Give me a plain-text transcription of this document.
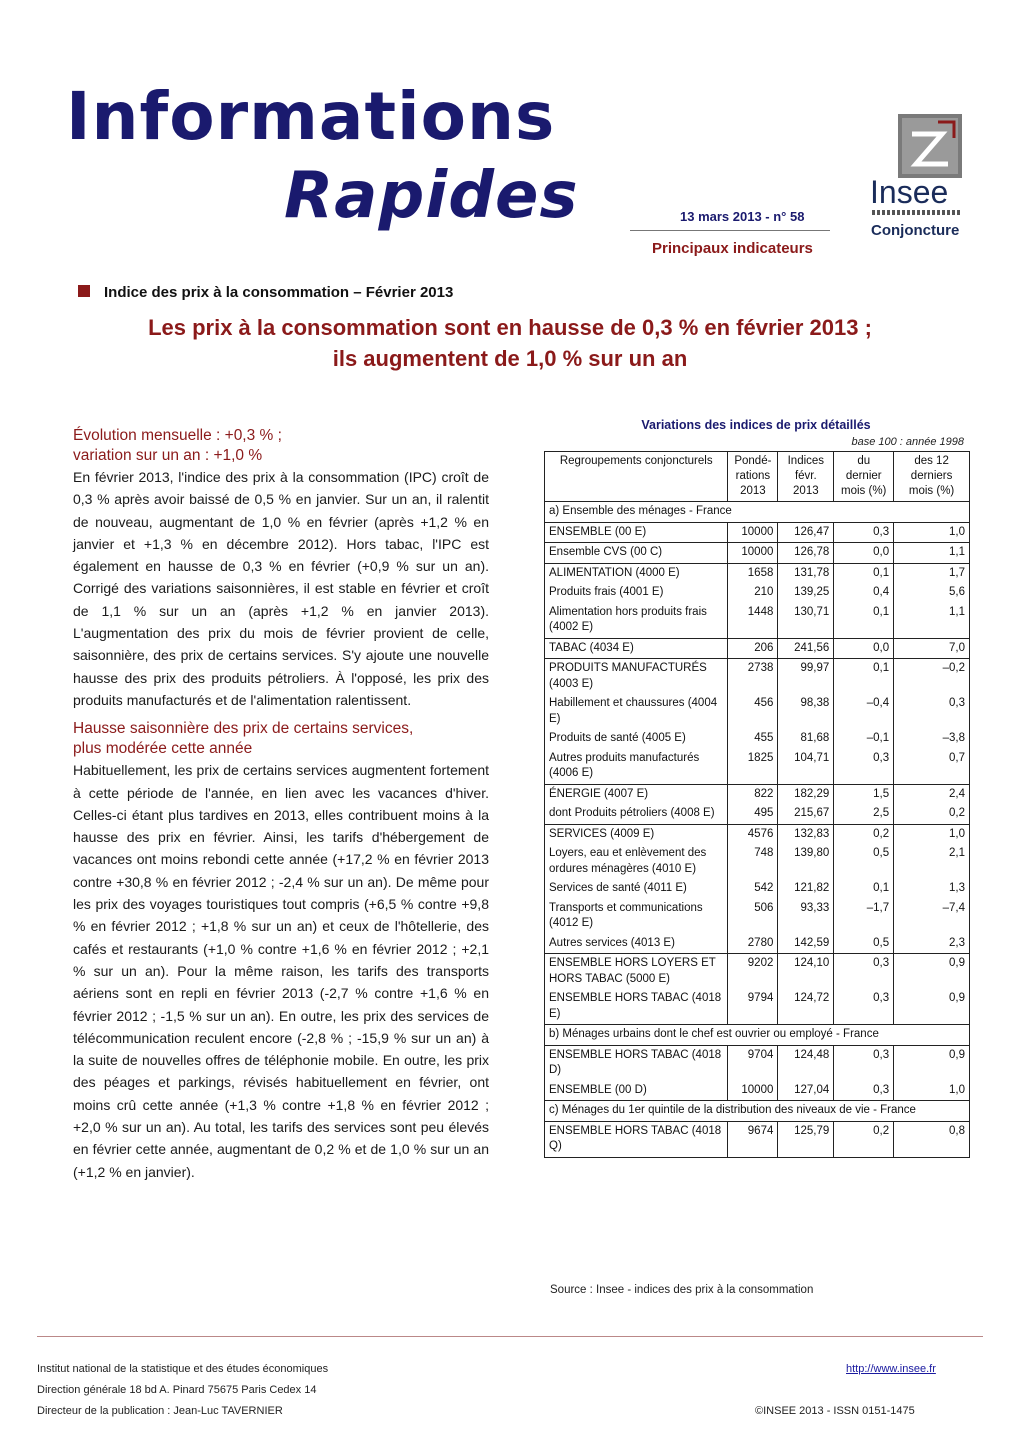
Informations
Rapides	13 mars 2013 - n° 58
Principaux indicateurs
Insee
Conjoncture
Indice des prix à la consommation – Février 2013
Les prix à la consommation sont en hausse de 0,3 % en février 2013 ;
ils augmentent de 1,0 % sur un an
Évolution mensuelle : +0,3 % ;
variation sur un an : +1,0 %

En février 2013, l'indice des prix à la consommation (IPC) croît de 0,3 % après avoir baissé de 0,5 % en janvier. Sur un an, il ralentit de nouveau, augmentant de 1,0 % en février (après +1,2 % en janvier et +1,3 % en décembre 2012). Hors tabac, l'IPC est également en hausse de 0,3 % en février (+0,9 % sur un an). Corrigé des variations saisonnières, il est stable en février et croît de 1,1 % sur un an (après +1,2 % en janvier 2013). L'augmentation des prix du mois de février provient de celle, saisonnière, des prix de certains services. S'y ajoute une nouvelle hausse des prix des produits pétroliers. À l'opposé, les prix des produits manufacturés et de l'alimentation ralentissent.

Hausse saisonnière des prix de certains services,
plus modérée cette année

Habituellement, les prix de certains services augmentent fortement à cette période de l'année, en lien avec les vacances d'hiver. Celles-ci étant plus tardives en 2013, elles contribuent moins à la hausse des prix en février. Ainsi, les tarifs d'hébergement de vacances ont moins rebondi cette année (+17,2 % en février 2013 contre +30,8 % en février 2012 ; -2,4 % sur un an). De même pour les prix des voyages touristiques tout compris (+6,5 % contre +9,8 % en février 2012 ; +1,8 % sur un an) et ceux de l'hôtellerie, des cafés et restaurants (+1,0 % contre +1,6 % en février 2012 ; +2,1 % sur un an). Pour la même raison, les tarifs des transports aériens sont en repli en février 2013 (-2,7 % contre +1,6 % en février 2012 ; -1,5 % sur un an). En outre, les prix des services de télécommunication reculent encore (-2,8 % ; -15,9 % sur un an) à la suite de nouvelles offres de téléphonie mobile. En outre, les prix des péages et parkings, révisés habituellement en février, ont moins crû cette année (+1,3 % contre +1,8 % en février 2012 ; +2,0 % sur un an). Au total, les tarifs des services sont peu élevés en février cette année, augmentant de 0,2 % et de 1,0 % sur un an (+1,2 % en janvier).

Variations des indices de prix détaillés
base 100 : année 1998
Regroupements conjoncturels	Pondé-rations 2013	Indices févr. 2013	du dernier mois (%)	des 12 derniers mois (%)
a) Ensemble des ménages - France				
ENSEMBLE (00 E)	10000	126,47	0,3	1,0
Ensemble CVS (00 C)	10000	126,78	0,0	1,1
ALIMENTATION (4000 E)	1658	131,78	0,1	1,7
Produits frais (4001 E)	210	139,25	0,4	5,6
Alimentation hors produits frais (4002 E)	1448	130,71	0,1	1,1
TABAC (4034 E)	206	241,56	0,0	7,0
PRODUITS MANUFACTURÉS (4003 E)	2738	99,97	0,1	–0,2
Habillement et chaussures (4004 E)	456	98,38	–0,4	0,3
Produits de santé (4005 E)	455	81,68	–0,1	–3,8
Autres produits manufacturés (4006 E)	1825	104,71	0,3	0,7
ÉNERGIE (4007 E)	822	182,29	1,5	2,4
dont Produits pétroliers (4008 E)	495	215,67	2,5	0,2
SERVICES (4009 E)	4576	132,83	0,2	1,0
Loyers, eau et enlèvement des ordures ménagères (4010 E)	748	139,80	0,5	2,1
Services de santé (4011 E)	542	121,82	0,1	1,3
Transports et communications (4012 E)	506	93,33	–1,7	–7,4
Autres services (4013 E)	2780	142,59	0,5	2,3
ENSEMBLE HORS LOYERS ET HORS TABAC (5000 E)	9202	124,10	0,3	0,9
ENSEMBLE HORS TABAC (4018 E)	9794	124,72	0,3	0,9
b) Ménages urbains dont le chef est ouvrier ou employé - France				
ENSEMBLE HORS TABAC (4018 D)	9704	124,48	0,3	0,9
ENSEMBLE (00 D)	10000	127,04	0,3	1,0
c) Ménages du 1er quintile de la distribution des niveaux de vie - France				
ENSEMBLE HORS TABAC (4018 Q)	9674	125,79	0,2	0,8
Source : Insee - indices des prix à la consommation
Institut national de la statistique et des études économiques
Direction générale 18 bd A. Pinard 75675 Paris Cedex 14
Directeur de la publication : Jean-Luc TAVERNIER
http://www.insee.fr
©INSEE 2013 - ISSN 0151-1475
